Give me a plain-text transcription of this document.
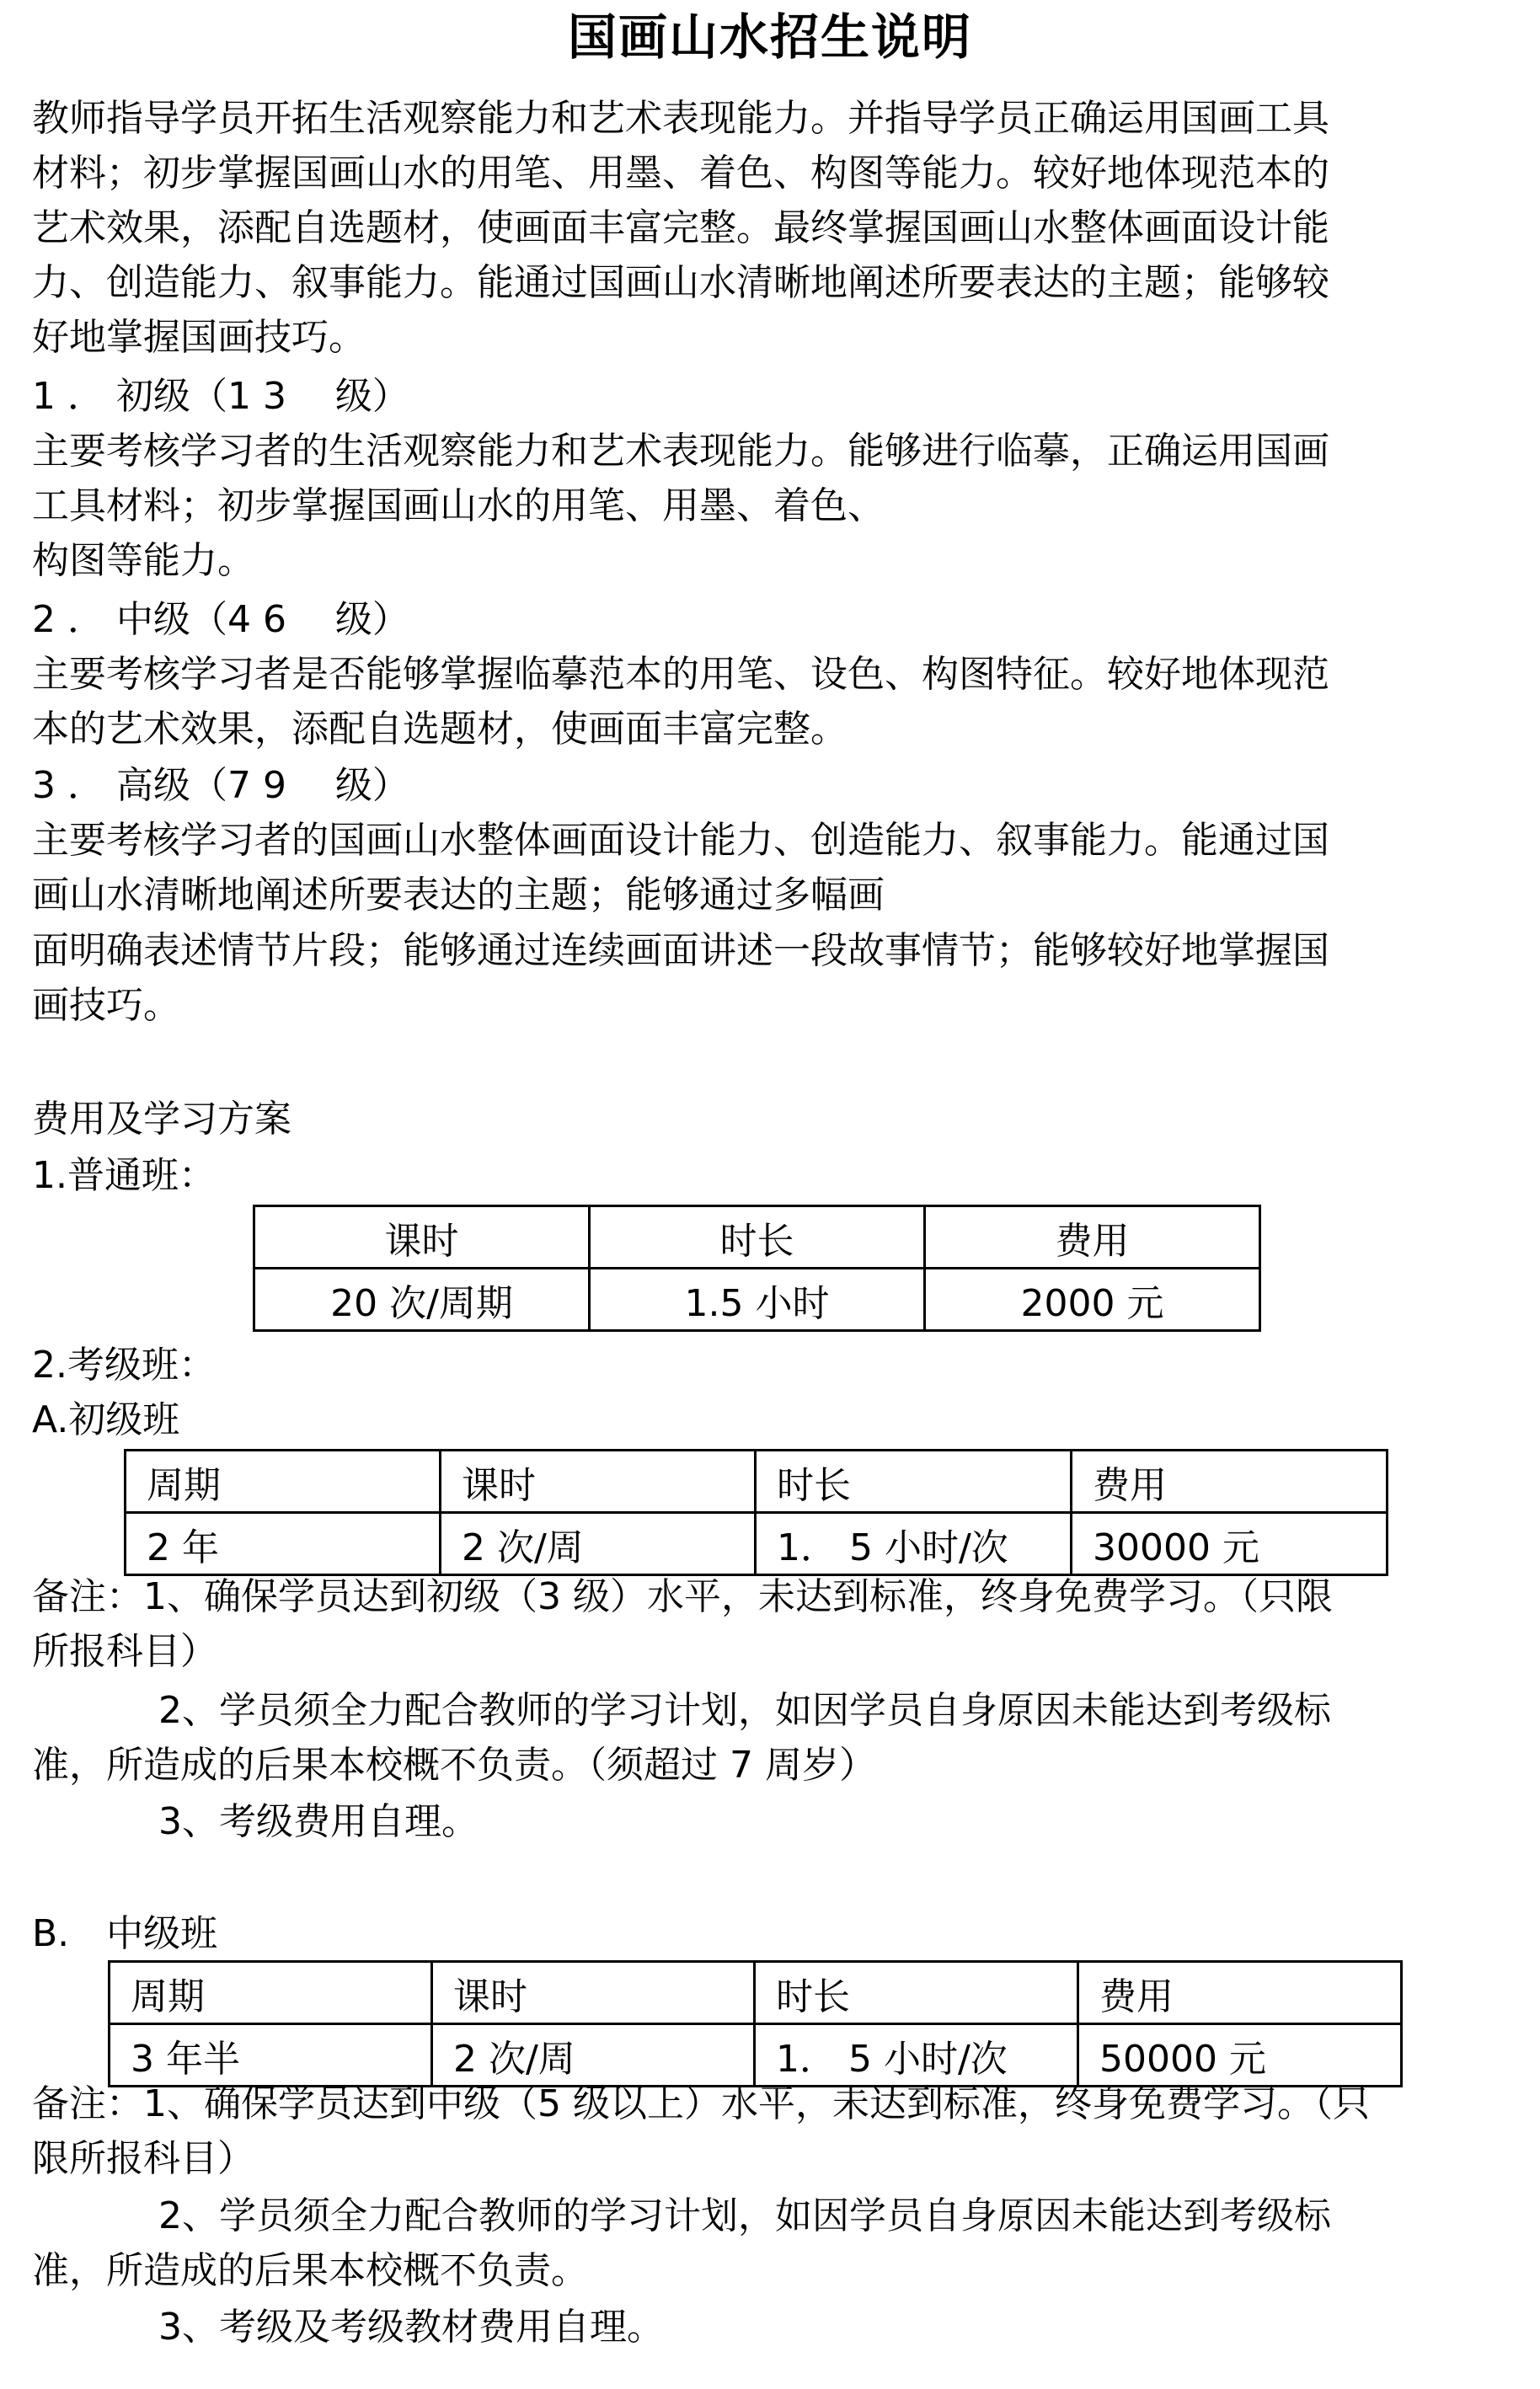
国画山水招生说明
教师指导学员开拓生活观察能力和艺术表现能力。并指导学员正确运用国画工具
材料；初步掌握国画山水的用笔、用墨、着色、构图等能力。较好地体现范本的
艺术效果，添配自选题材，使画面丰富完整。最终掌握国画山水整体画面设计能
力、创造能力、叙事能力。能通过国画山水清晰地阐述所要表达的主题；能够较
好地掌握国画技巧。
1 ． 初级（1 3　 级）
主要考核学习者的生活观察能力和艺术表现能力。能够进行临摹，正确运用国画
工具材料；初步掌握国画山水的用笔、用墨、着色、
构图等能力。
2 ． 中级（4 6　 级）
主要考核学习者是否能够掌握临摹范本的用笔、设色、构图特征。较好地体现范
本的艺术效果，添配自选题材，使画面丰富完整。
3 ． 高级（7 9　 级）
主要考核学习者的国画山水整体画面设计能力、创造能力、叙事能力。能通过国
画山水清晰地阐述所要表达的主题；能够通过多幅画
面明确表述情节片段；能够通过连续画面讲述一段故事情节；能够较好地掌握国
画技巧。
费用及学习方案
1.普通班：
课时	时长	费用
20 次/周期	1.5 小时	2000 元
2.考级班：
A.初级班
周期	课时	时长	费用
2 年	2 次/周	1． 5 小时/次	30000 元
备注：1、确保学员达到初级（3 级）水平，未达到标准，终身免费学习。（只限
所报科目）
2、学员须全力配合教师的学习计划，如因学员自身原因未能达到考级标
准，所造成的后果本校概不负责。（须超过 7 周岁）
3、考级费用自理。
B.　中级班
周期	课时	时长	费用
3 年半	2 次/周	1． 5 小时/次	50000 元
备注：1、确保学员达到中级（5 级以上）水平，未达到标准，终身免费学习。（只
限所报科目）
2、学员须全力配合教师的学习计划，如因学员自身原因未能达到考级标
准，所造成的后果本校概不负责。
3、考级及考级教材费用自理。
